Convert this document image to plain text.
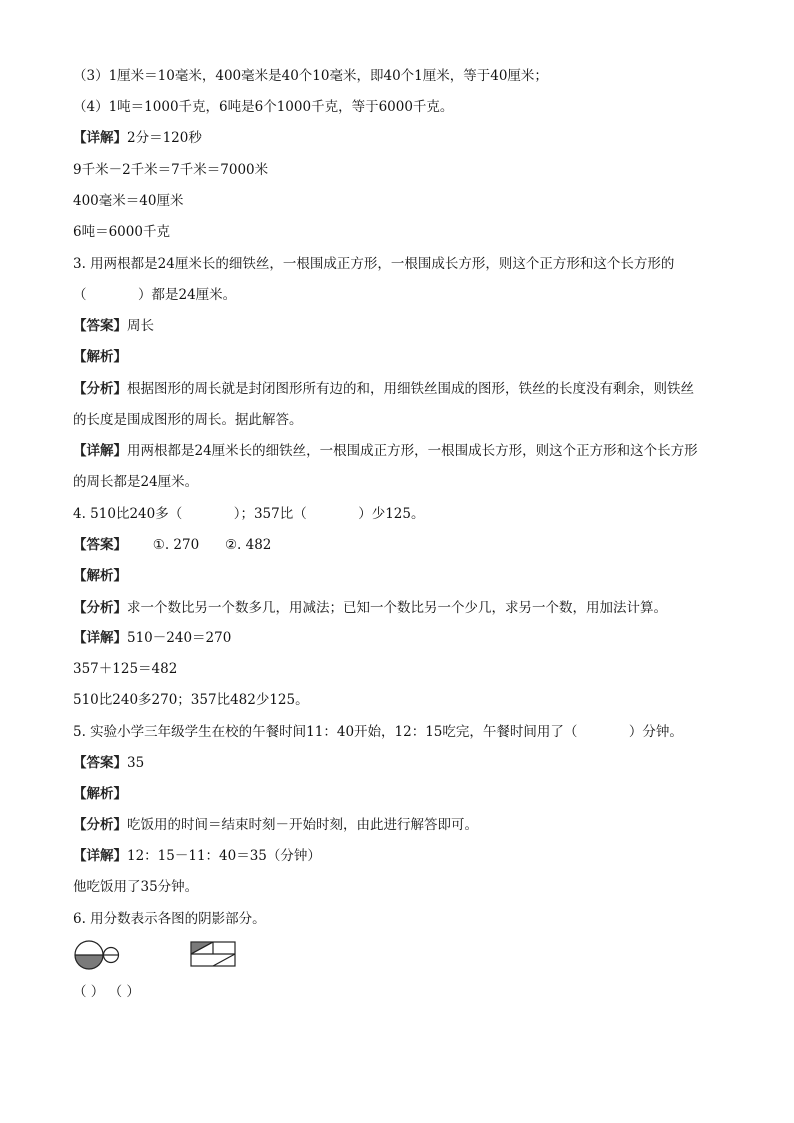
（3）1厘米＝10毫米，400毫米是40个10毫米，即40个1厘米，等于40厘米；
（4）1吨＝1000千克，6吨是6个1000千克，等于6000千克。
【详解】2分＝120秒
9千米－2千米＝7千米＝7000米
400毫米＝40厘米
6吨＝6000千克
3. 用两根都是24厘米长的细铁丝，一根围成正方形，一根围成长方形，则这个正方形和这个长方形的
（            ）都是24厘米。
【答案】周长
【解析】
【分析】根据图形的周长就是封闭图形所有边的和，用细铁丝围成的图形，铁丝的长度没有剩余，则铁丝
的长度是围成图形的周长。据此解答。
【详解】用两根都是24厘米长的细铁丝，一根围成正方形，一根围成长方形，则这个正方形和这个长方形
的周长都是24厘米。
4. 510比240多（            ）；357比（            ）少125。
【答案】      ①. 270      ②. 482
【解析】
【分析】求一个数比另一个数多几，用减法；已知一个数比另一个少几，求另一个数，用加法计算。
【详解】510－240＝270
357＋125＝482
510比240多270；357比482少125。
5. 实验小学三年级学生在校的午餐时间11：40开始，12：15吃完，午餐时间用了（            ）分钟。
【答案】35
【解析】
【分析】吃饭用的时间＝结束时刻－开始时刻，由此进行解答即可。
【详解】12：15－11：40＝35（分钟）
他吃饭用了35分钟。
6. 用分数表示各图的阴影部分。
（ ） （ ）
